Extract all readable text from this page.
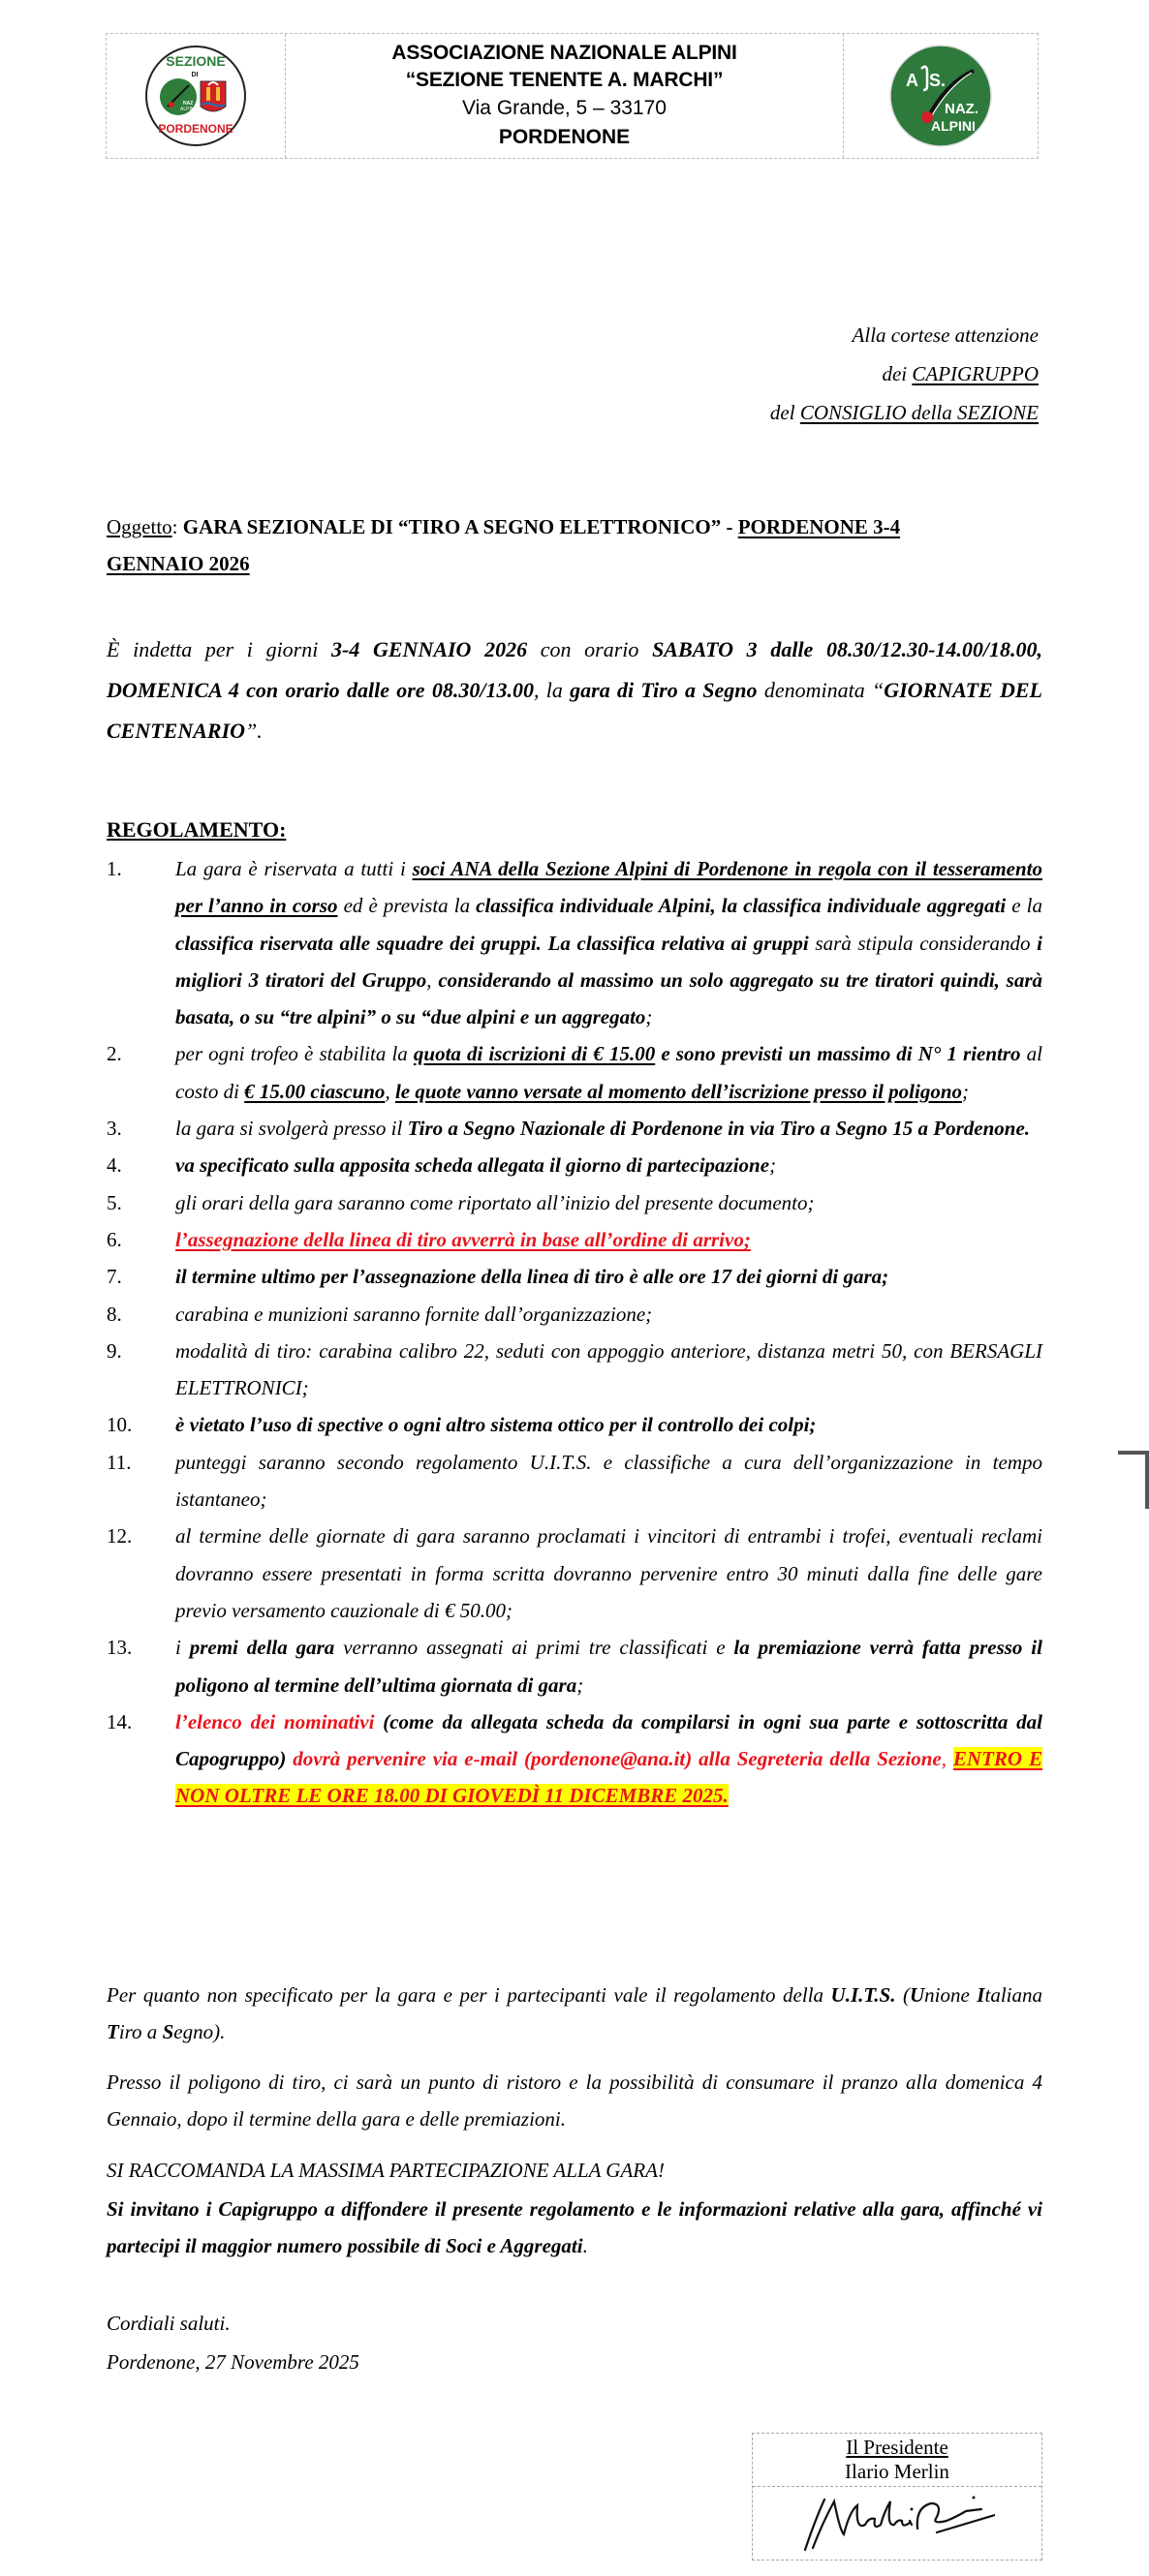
SEZIONE
DI
NAZ
ALPINI
PORDENONE
ASSOCIAZIONE NAZIONALE ALPINI
“SEZIONE TENENTE A. MARCHI”
Via Grande, 5 – 33170
PORDENONE
A S.
NAZ.
ALPINI
Alla cortese attenzione
dei CAPIGRUPPO
del CONSIGLIO della SEZIONE
Oggetto: GARA SEZIONALE DI “TIRO A SEGNO ELETTRONICO” - PORDENONE 3-4
GENNAIO 2026
È indetta per i giorni 3-4 GENNAIO 2026 con orario SABATO 3 dalle 08.30/12.30-14.00/18.00, DOMENICA 4 con orario dalle ore 08.30/13.00, la gara di Tiro a Segno denominata “GIORNATE DEL CENTENARIO”.
REGOLAMENTO:
1.	La gara è riservata a tutti i soci ANA della Sezione Alpini di Pordenone in regola con il tesseramento per l’anno in corso ed è prevista la classifica individuale Alpini, la classifica individuale aggregati e la classifica riservata alle squadre dei gruppi. La classifica relativa ai gruppi sarà stipula considerando i migliori 3 tiratori del Gruppo, considerando al massimo un solo aggregato su tre tiratori quindi, sarà basata, o su “tre alpini” o su “due alpini e un aggregato;
2.	per ogni trofeo è stabilita la quota di iscrizioni di € 15.00 e sono previsti un massimo di N° 1 rientro al costo di € 15.00 ciascuno, le quote vanno versate al momento dell’iscrizione presso il poligono;
3.	la gara si svolgerà presso il Tiro a Segno Nazionale di Pordenone in via Tiro a Segno 15 a Pordenone.
4.	va specificato sulla apposita scheda allegata il giorno di partecipazione;
5.	gli orari della gara saranno come riportato all’inizio del presente documento;
6.	l’assegnazione della linea di tiro avverrà in base all’ordine di arrivo;
7.	il termine ultimo per l’assegnazione della linea di tiro è alle ore 17 dei giorni di gara;
8.	carabina e munizioni saranno fornite dall’organizzazione;
9.	modalità di tiro: carabina calibro 22, seduti con appoggio anteriore, distanza metri 50, con BERSAGLI ELETTRONICI;
10.	è vietato l’uso di spective o ogni altro sistema ottico per il controllo dei colpi;
11.	punteggi saranno secondo regolamento U.I.T.S. e classifiche a cura dell’organizzazione in tempo istantaneo;
12.	al termine delle giornate di gara saranno proclamati i vincitori di entrambi i trofei, eventuali reclami dovranno essere presentati in forma scritta dovranno pervenire entro 30 minuti dalla fine delle gare previo versamento cauzionale di € 50.00;
13.	i premi della gara verranno assegnati ai primi tre classificati e la premiazione verrà fatta presso il poligono al termine dell’ultima giornata di gara;
14.	l’elenco dei nominativi (come da allegata scheda da compilarsi in ogni sua parte e sottoscritta dal Capogruppo) dovrà pervenire via e-mail (pordenone@ana.it) alla Segreteria della Sezione, ENTRO E NON OLTRE LE ORE 18.00 DI GIOVEDÌ 11 DICEMBRE 2025.
Per quanto non specificato per la gara e per i partecipanti vale il regolamento della U.I.T.S. (Unione Italiana Tiro a Segno).
Presso il poligono di tiro, ci sarà un punto di ristoro e la possibilità di consumare il pranzo alla domenica 4 Gennaio, dopo il termine della gara e delle premiazioni.
SI RACCOMANDA LA MASSIMA PARTECIPAZIONE ALLA GARA!
Si invitano i Capigruppo a diffondere il presente regolamento e le informazioni relative alla gara, affinché vi partecipi il maggior numero possibile di Soci e Aggregati.
Cordiali saluti.
Pordenone, 27 Novembre 2025
Il Presidente
Ilario Merlin
